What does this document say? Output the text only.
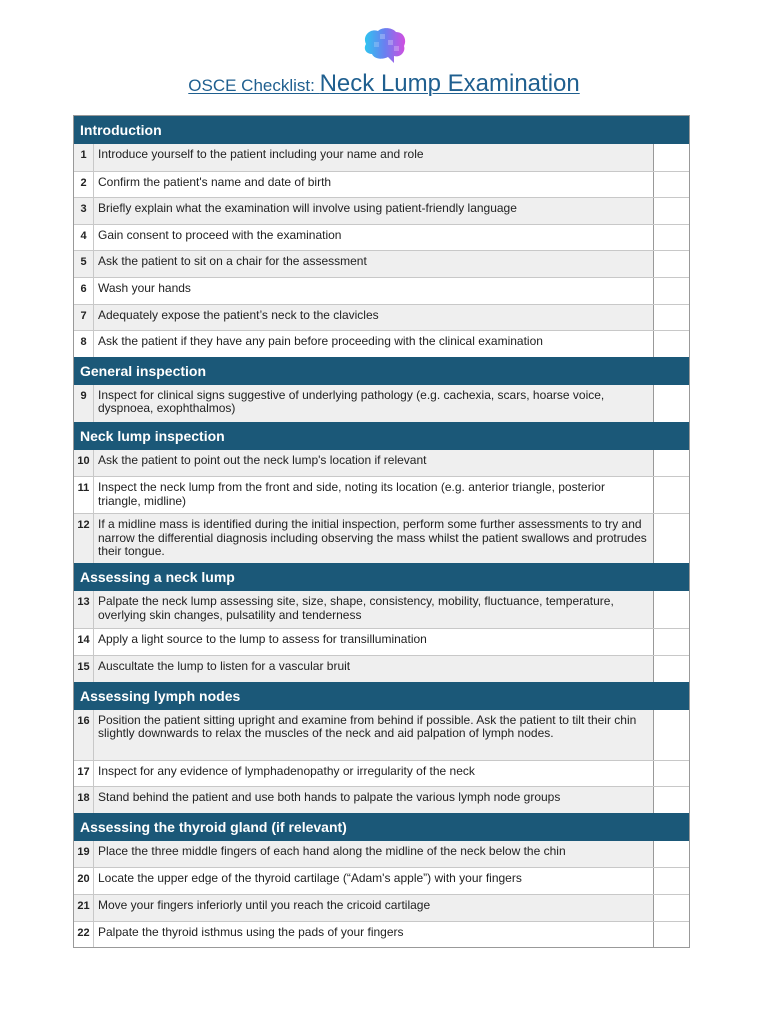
OSCE Checklist: Neck Lump Examination
Introduction
1 Introduce yourself to the patient including your name and role
2 Confirm the patient's name and date of birth
3 Briefly explain what the examination will involve using patient-friendly language
4 Gain consent to proceed with the examination
5 Ask the patient to sit on a chair for the assessment
6 Wash your hands
7 Adequately expose the patient’s neck to the clavicles
8 Ask the patient if they have any pain before proceeding with the clinical examination
General inspection
9 Inspect for clinical signs suggestive of underlying pathology (e.g. cachexia, scars, hoarse voice, dyspnoea, exophthalmos)
Neck lump inspection
10 Ask the patient to point out the neck lump's location if relevant
11 Inspect the neck lump from the front and side, noting its location (e.g. anterior triangle, posterior triangle, midline)
12 If a midline mass is identified during the initial inspection, perform some further assessments to try and narrow the differential diagnosis including observing the mass whilst the patient swallows and protrudes their tongue.
Assessing a neck lump
13 Palpate the neck lump assessing site, size, shape, consistency, mobility, fluctuance, temperature, overlying skin changes, pulsatility and tenderness
14 Apply a light source to the lump to assess for transillumination
15 Auscultate the lump to listen for a vascular bruit
Assessing lymph nodes
16 Position the patient sitting upright and examine from behind if possible. Ask the patient to tilt their chin slightly downwards to relax the muscles of the neck and aid palpation of lymph nodes.
17 Inspect for any evidence of lymphadenopathy or irregularity of the neck
18 Stand behind the patient and use both hands to palpate the various lymph node groups
Assessing the thyroid gland (if relevant)
19 Place the three middle fingers of each hand along the midline of the neck below the chin
20 Locate the upper edge of the thyroid cartilage (“Adam's apple”) with your fingers
21 Move your fingers inferiorly until you reach the cricoid cartilage
22 Palpate the thyroid isthmus using the pads of your fingers
